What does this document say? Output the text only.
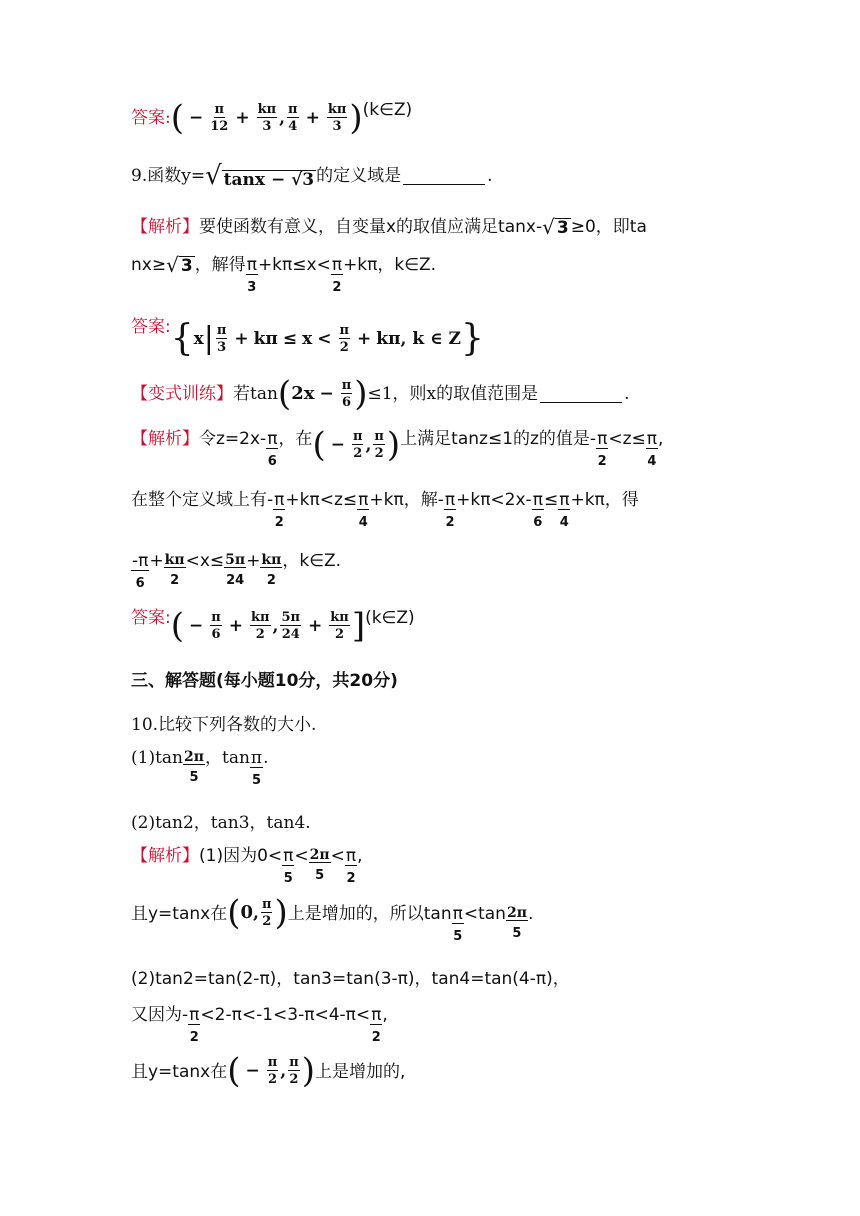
答案: ( − $\frac{\pi}{12} + \frac{k\pi}{3}$ , $\frac{\pi}{4} + \frac{k\pi}{3}$ ) (k∈Z)
9.函数y= √ tanx − √3 的定义域是	.
【解析】 要使函数有意义，自变量x的取值应满足tanx- √ 3 ≥0，即ta
nx≥ √ 3 ，解得 π
3
+kπ≤x< π
2
+kπ，k∈Z.
答案: { x | $\frac{\pi}{3} + k\pi \le x < \frac{\pi}{2} + k\pi$, k ∈ Z }
【变式训练】 若tan ( $2x - \frac{\pi}{6}$ ) ≤1，则x的取值范围是	.
【解析】 令z=2x- π
6
，在 ( − $\frac{\pi}{2}$ , $\frac{\pi}{2}$ ) 上满足tanz≤1的z的值是- π
2
<z≤ π
4
,
在整个定义域上有- π
2
+kπ<z≤ π
4
+kπ，解- π
2
+kπ<2x- π
6
≤ π
4
+kπ，得
-π
6
+ $\frac{k\pi}{2} <x\le \frac{5\pi}{24} + \frac{k\pi}{2}$ ，k∈Z.
答案: ( − $\frac{\pi}{6} + \frac{k\pi}{2}$ , $\frac{5\pi}{24} + \frac{k\pi}{2}$ ] (k∈Z)
三、解答题(每小题10分，共20分)
10.比较下列各数的大小.
$(1)\tan \frac{2\pi}{5}$ ，tan π
5
.
(2)tan2，tan3，tan4.
【解析】 (1)因为0< π
5
< $\frac{2\pi}{5} < \pi$
2
,
且y=tanx在 ( 0 , $\frac{\pi}{2}$ ) 上是增加的，所以tan π
5
$<\tan \frac{2\pi}{5}$ .
(2)tan2=tan(2-π)，tan3=tan(3-π)，tan4=tan(4-π)，
又因为- π
2
<2-π<-1<3-π<4-π< π
2
,
且y=tanx在 ( − $\frac{\pi}{2}$ , $\frac{\pi}{2}$ ) 上是增加的,
